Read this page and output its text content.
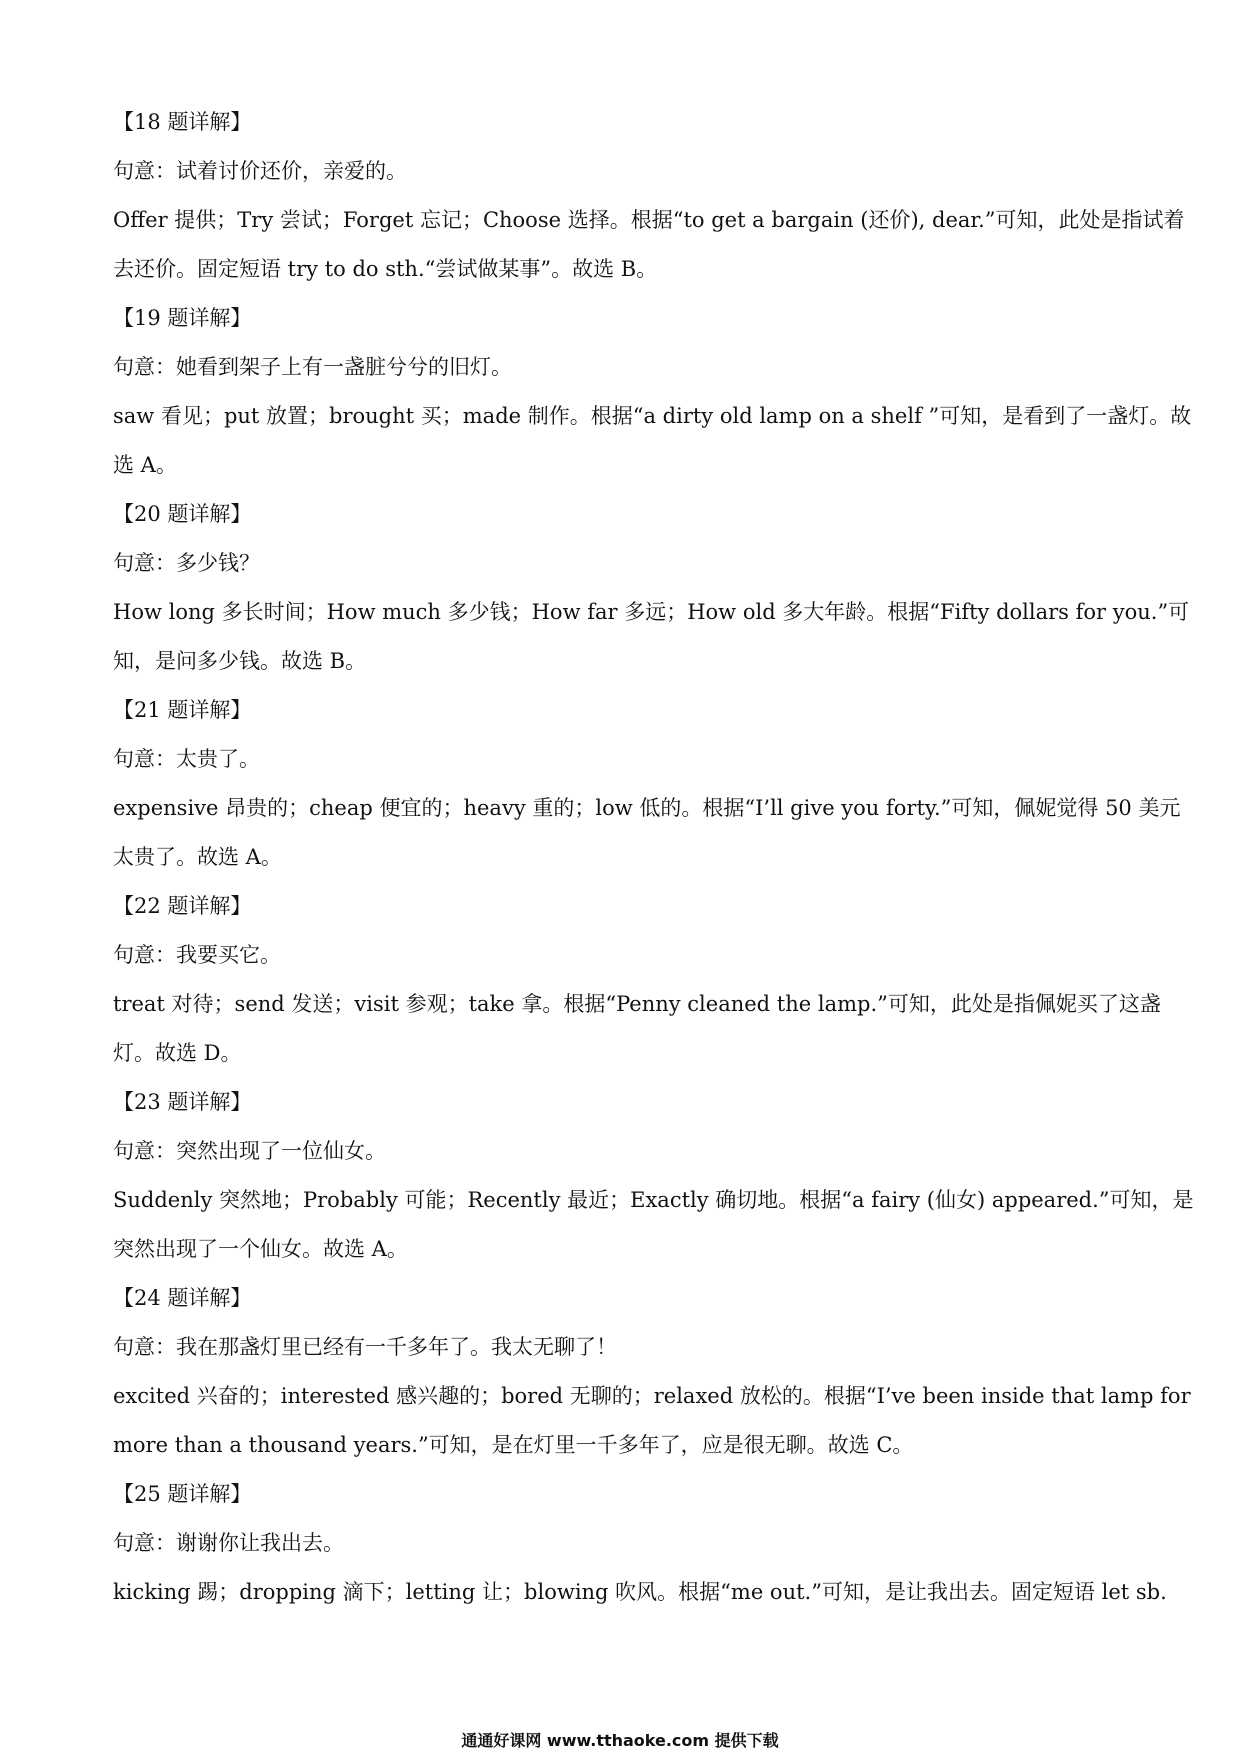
【18 题详解】
句意：试着讨价还价，亲爱的。
Offer 提供；Try 尝试；Forget 忘记；Choose 选择。根据“to get a bargain (还价), dear.”可知，此处是指试着
去还价。固定短语 try to do sth.“尝试做某事”。故选 B。
【19 题详解】
句意：她看到架子上有一盏脏兮兮的旧灯。
saw 看见；put 放置；brought 买；made 制作。根据“a dirty old lamp on a shelf ”可知，是看到了一盏灯。故
选 A。
【20 题详解】
句意：多少钱？
How long 多长时间；How much 多少钱；How far 多远；How old 多大年龄。根据“Fifty dollars for you.”可
知，是问多少钱。故选 B。
【21 题详解】
句意：太贵了。
expensive 昂贵的；cheap 便宜的；heavy 重的；low 低的。根据“I’ll give you forty.”可知，佩妮觉得 50 美元
太贵了。故选 A。
【22 题详解】
句意：我要买它。
treat 对待；send 发送；visit 参观；take 拿。根据“Penny cleaned the lamp.”可知，此处是指佩妮买了这盏
灯。故选 D。
【23 题详解】
句意：突然出现了一位仙女。
Suddenly 突然地；Probably 可能；Recently 最近；Exactly 确切地。根据“a fairy (仙女) appeared.”可知，是
突然出现了一个仙女。故选 A。
【24 题详解】
句意：我在那盏灯里已经有一千多年了。我太无聊了！
excited 兴奋的；interested 感兴趣的；bored 无聊的；relaxed 放松的。根据“I’ve been inside that lamp for
more than a thousand years.”可知，是在灯里一千多年了，应是很无聊。故选 C。
【25 题详解】
句意：谢谢你让我出去。
kicking 踢；dropping 滴下；letting 让；blowing 吹风。根据“me out.”可知，是让我出去。固定短语 let sb.
通通好课网 www.tthaoke.com 提供下载
